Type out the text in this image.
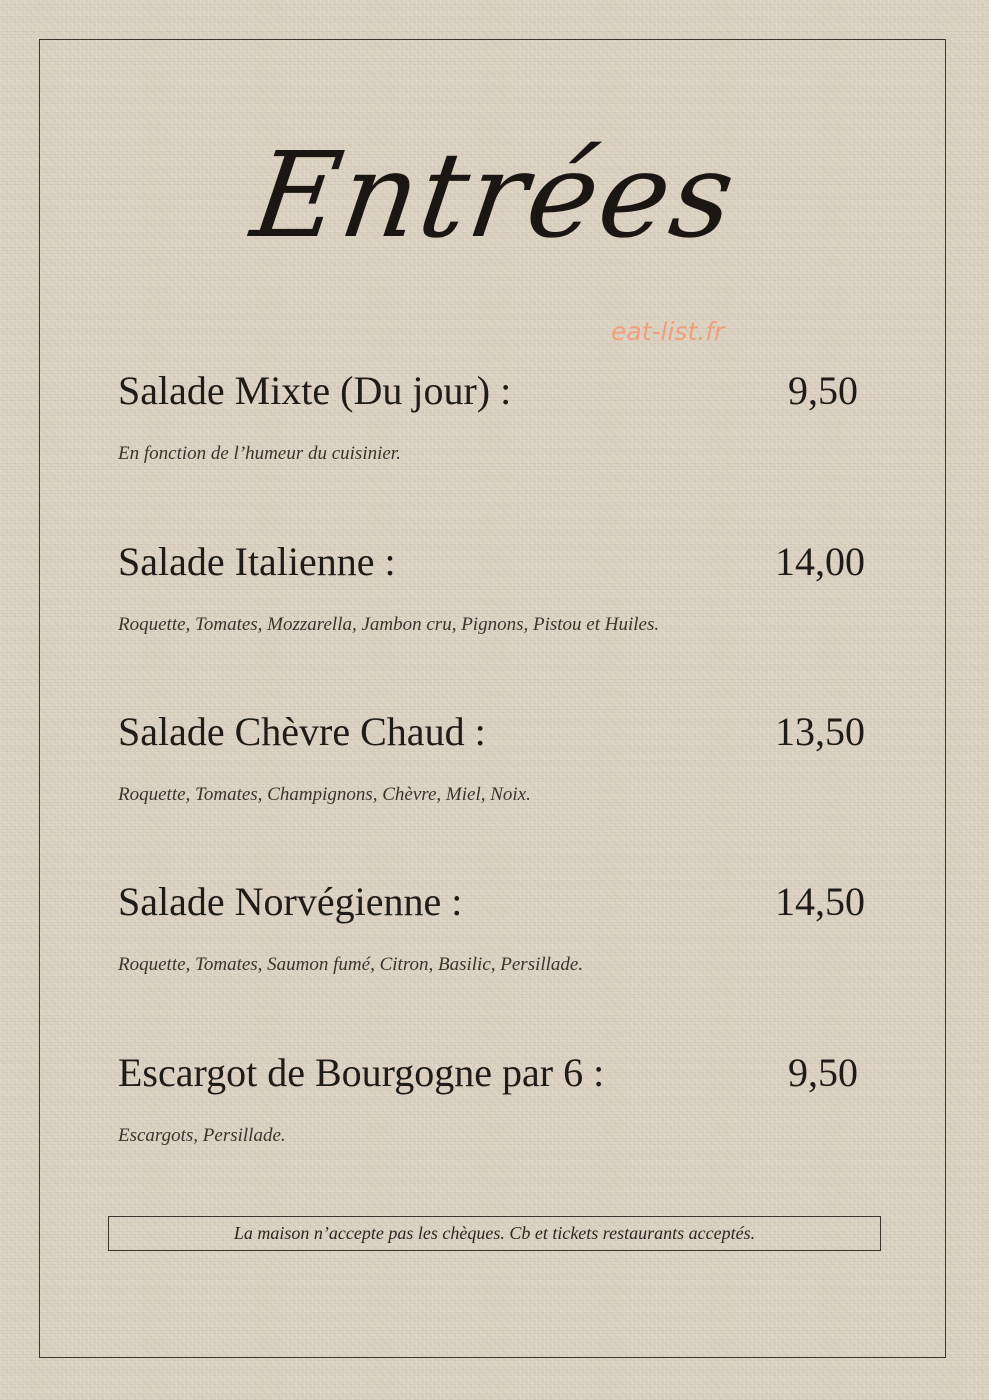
Entrées
eat-list.fr
Salade Mixte (Du jour) :	9,50
En fonction de l’humeur du cuisinier.
Salade Italienne :	14,00
Roquette, Tomates, Mozzarella, Jambon cru, Pignons, Pistou et Huiles.
Salade Chèvre Chaud :	13,50
Roquette, Tomates, Champignons, Chèvre, Miel, Noix.
Salade Norvégienne :	14,50
Roquette, Tomates, Saumon fumé, Citron, Basilic, Persillade.
Escargot de Bourgogne par 6 :	9,50
Escargots, Persillade.
La maison n’accepte pas les chèques. Cb et tickets restaurants acceptés.
